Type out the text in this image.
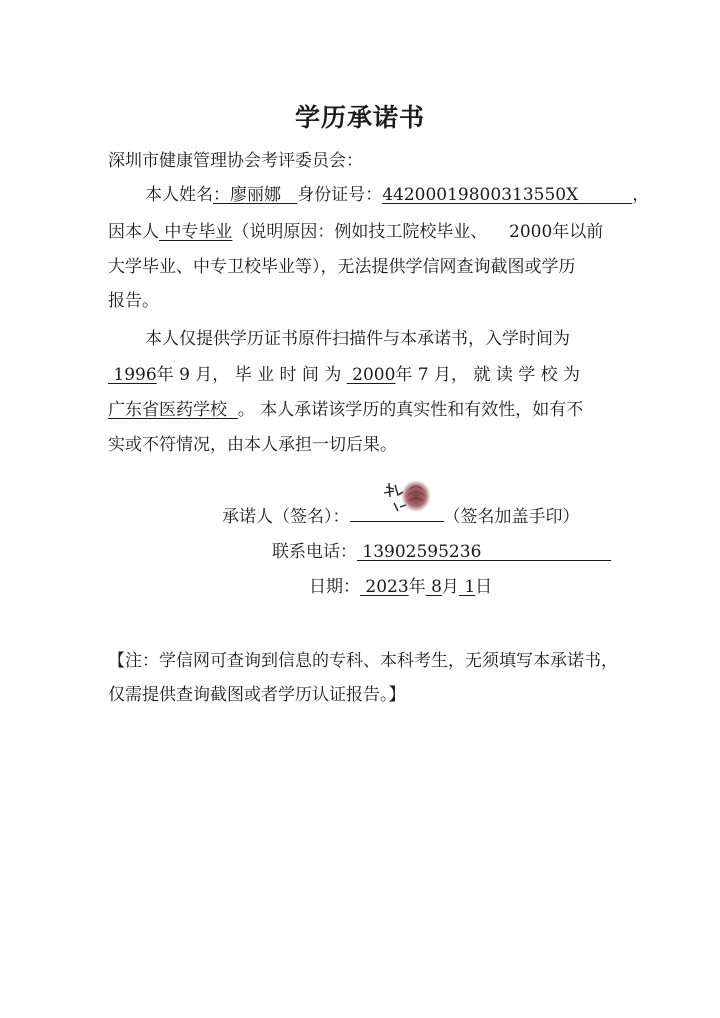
学历承诺书
深圳市健康管理协会考评委员会：
本人姓名：廖丽娜 身份证号：44200019800313550X	，
因本人 中专毕业（说明原因：例如技工院校毕业、 2000年以前
大学毕业、中专卫校毕业等），无法提供学信网查询截图或学历
报告。
本人仅提供学历证书原件扫描件与本承诺书，入学时间为
1996年 9 月， 毕 业 时 间 为 2000年 7 月， 就 读 学 校 为
广东省医药学校 。 本人承诺该学历的真实性和有效性，如有不
实或不符情况，由本人承担一切后果。
承诺人（签名）：	（签名加盖手印）
联系电话： 13902595236
日期： 2023年 8月 1日
【注：学信网可查询到信息的专科、本科考生，无须填写本承诺书，
仅需提供查询截图或者学历认证报告。】
